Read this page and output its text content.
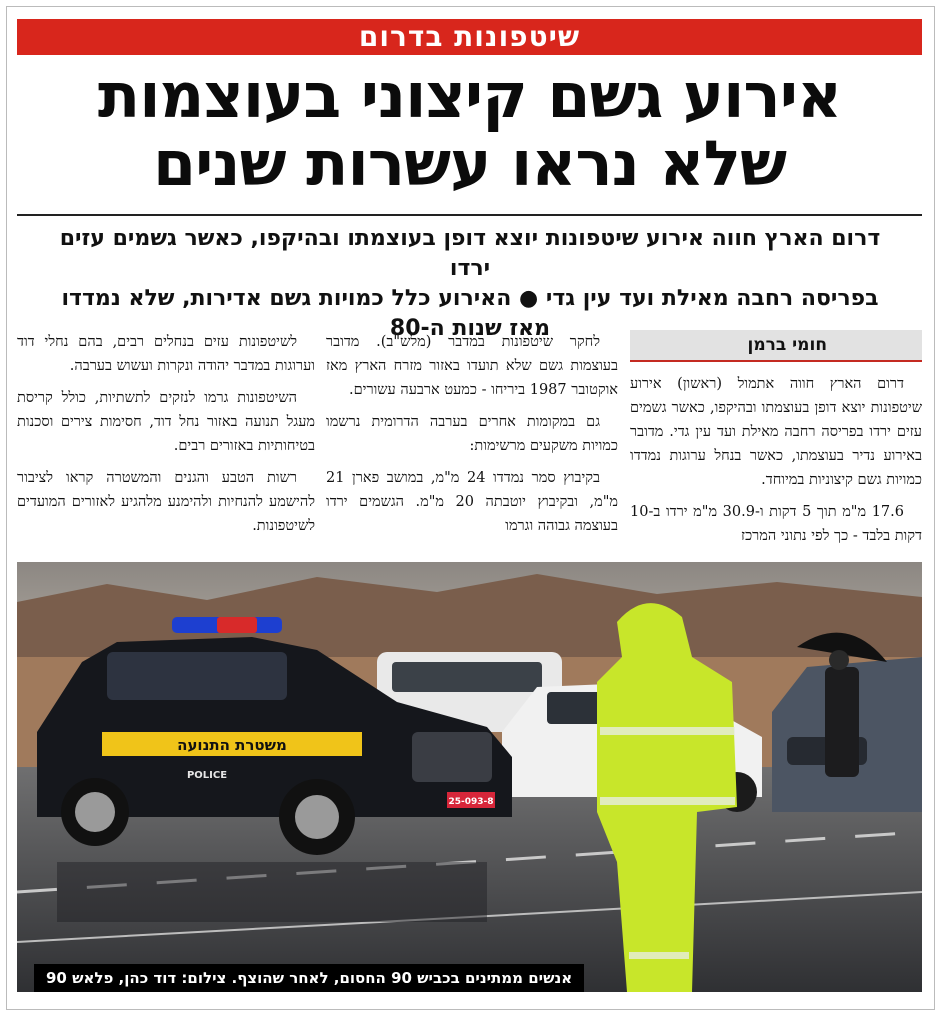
שיטפונות בדרום
אירוע גשם קיצוני בעוצמות
שלא נראו עשרות שנים
דרום הארץ חווה אירוע שיטפונות יוצא דופן בעוצמתו ובהיקפו, כאשר גשמים עזים ירדו
בפריסה רחבה מאילת ועד עין גדי ● האירוע כלל כמויות גשם אדירות, שלא נמדדו
מאז שנות ה-80
חומי ברמן

דרום הארץ חווה אתמול (ראשון) אירוע שיטפונות יוצא דופן בעוצמתו ובהיקפו, כאשר גשמים עזים ירדו בפריסה רחבה מאילת ועד עין גדי. מדובר באירוע נדיר בעוצמתו, כאשר בנחל ערוגות נמדדו כמויות גשם קיצוניות במיוחד.

17.6 מ"מ תוך 5 דקות ו-30.9 מ"מ ירדו ב-10 דקות בלבד - כך לפי נתוני המרכז

לחקר שיטפונות במדבר (מלש"ב). מדובר בעוצמות גשם שלא תועדו באזור מזרח הארץ מאז אוקטובר 1987 ביריחו - כמעט ארבעה עשורים.

גם במקומות אחרים בערבה הדרומית נרשמו כמויות משקעים מרשימות:

בקיבוץ סמר נמדדו 24 מ"מ, במושב פארן 21 מ"מ, ובקיבוץ יוטבתה 20 מ"מ. הגשמים ירדו בעוצמה גבוהה וגרמו

לשיטפונות עזים בנחלים רבים, בהם נחלי דוד וערוגות במדבר יהודה ונקרות ועשוש בערבה.

השיטפונות גרמו לנזקים לתשתיות, כולל קריסת מעגל תנועה באזור נחל דוד, חסימות צירים וסכנות בטיחותיות באזורים רבים.

רשות הטבע והגנים והמשטרה קראו לציבור להישמע להנחיות ולהימנע מלהגיע לאזורים המועדים לשיטפונות.

משטרת התנועה
POLICE
25-093-8
אנשים ממתינים בכביש 90 החסום, לאחר שהוצף. צילום: דוד כהן, פלאש 90
